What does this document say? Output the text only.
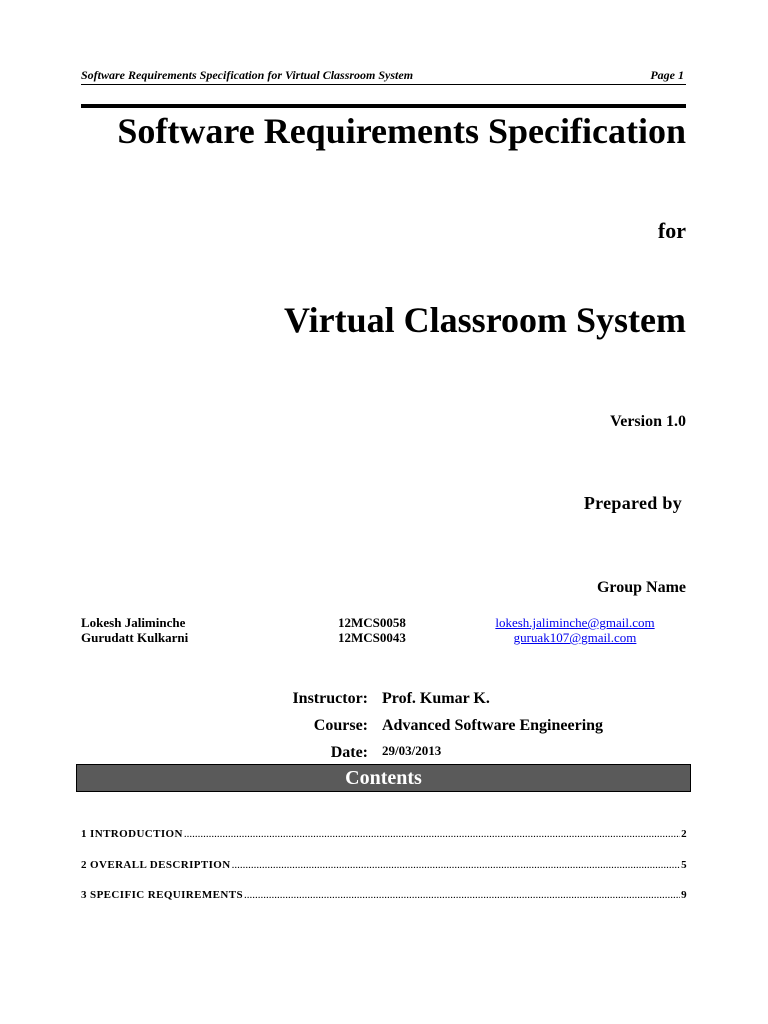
Software Requirements Specification for Virtual Classroom System	Page 1
Software Requirements Specification
for
Virtual Classroom System
Version 1.0
Prepared by
Group Name
Lokesh Jaliminche	12MCS0058	lokesh.jaliminche@gmail.com
Gurudatt Kulkarni	12MCS0043	guruak107@gmail.com
Instructor: Prof. Kumar K.
Course: Advanced Software Engineering
Date: 29/03/2013
Contents
1 INTRODUCTION .....	2
2 OVERALL DESCRIPTION .....	5
3 SPECIFIC REQUIREMENTS .....	9
